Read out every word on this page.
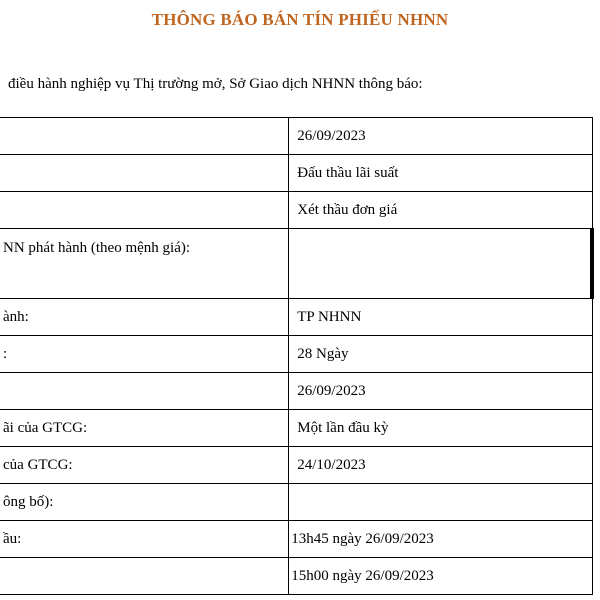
THÔNG BÁO BÁN TÍN PHIẾU NHNN
điều hành nghiệp vụ Thị trường mở, Sở Giao dịch NHNN thông báo:
	26/09/2023
	Đấu thầu lãi suất
	Xét thầu đơn giá
NN phát hành (theo mệnh giá):	
ành:	TP NHNN
:	28 Ngày
	26/09/2023
ãi của GTCG:	Một lần đầu kỳ
của GTCG:	24/10/2023
ông bố):	
ầu:	13h45 ngày 26/09/2023
	15h00 ngày 26/09/2023
